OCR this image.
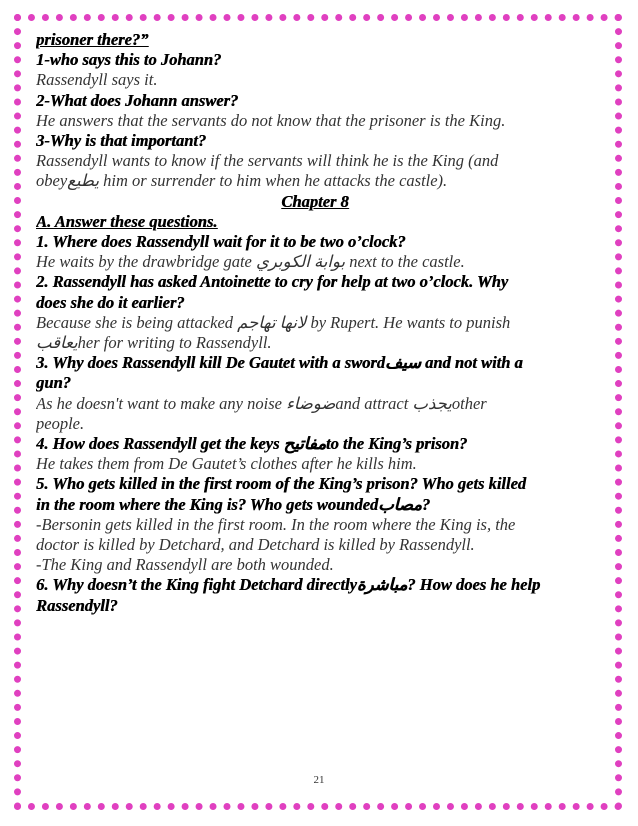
prisoner there?”
1-who says this to Johann?
Rassendyll says it.
2-What does Johann answer?
He answers that the servants do not know that the prisoner is the King.
3-Why is that important?
Rassendyll wants to know if the servants will think he is the King (and
obeyيطيع him or surrender to him when he attacks the castle).
Chapter 8
A. Answer these questions.
1. Where does Rassendyll wait for it to be two o’clock?
He waits by the drawbridge gate بوابة الكوبري next to the castle.
2. Rassendyll has asked Antoinette to cry for help at two o’clock. Why
does she do it earlier?
Because she is being attacked لانها تهاجم by Rupert. He wants to punish
يعاقبher for writing to Rassendyll.
3. Why does Rassendyll kill De Gautet with a swordسيف and not with a
gun?
As he doesn't want to make any noise ضوضاءand attract يجذبother
people.
4. How does Rassendyll get the keys مفاتيحto the King’s prison?
He takes them from De Gautet’s clothes after he kills him.
5. Who gets killed in the first room of the King’s prison? Who gets killed
in the room where the King is? Who gets woundedمصاب?
-Bersonin gets killed in the first room. In the room where the King is, the
doctor is killed by Detchard, and Detchard is killed by Rassendyll.
-The King and Rassendyll are both wounded.
6. Why doesn’t the King fight Detchard directlyمباشرة? How does he help
Rassendyll?
21
